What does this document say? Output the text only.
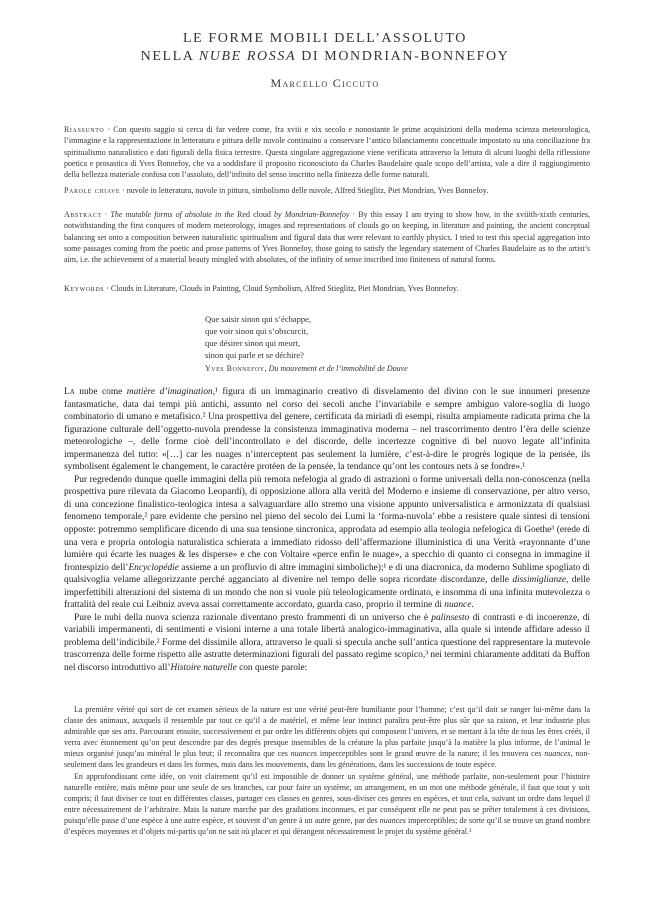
LE FORME MOBILI DELL’ASSOLUTO
NELLA NUBE ROSSA DI MONDRIAN-BONNEFOY
Marcello Ciccuto
Riassunto · Con questo saggio si cerca di far vedere come, fra xviii e xix secolo e nonostante le prime acquisizioni della moderna scienza meteorologica, l’immagine e la rappresentazione in letteratura e pittura delle nuvole continuino a conservare l’antico bilanciamento concettuale impostato su una conciliazione fra spiritualismo naturalistico e dati figurali della fisica terrestre. Questa singolare aggregazione viene verificata attraverso la lettura di alcuni luoghi della riflessione poetica e prosastica di Yves Bonnefoy, che va a soddisfare il proposito riconosciuto da Charles Baudelaire quale scopo dell’artista, vale a dire il raggiungimento della bellezza materiale confusa con l’assoluto, dell’infinito del senso inscritto nella finitezza delle forme naturali.
Parole chiave · nuvole in letteratura, nuvole in pittura, simbolismo delle nuvole, Alfred Stieglitz, Piet Mondrian, Yves Bonnefoy.
Abstract · The mutable forms of absolute in the Red cloud by Mondrian-Bonnefoy · By this essay I am trying to show how, in the xviiith-xixth centuries, notwithstanding the first conquers of modern meteorology, images and representations of clouds go on keeping, in literature and painting, the ancient conceptual balancing set onto a composition between naturalistic spiritualism and figural data that were relevant to earthly physics. I tried to test this special aggregation into some passages coming from the poetic and prose patterns of Yves Bonnefoy, those going to satisfy the legendary statement of Charles Baudelaire as to the artist’s aim, i.e. the achievement of a material beauty mingled with absolutes, of the infinity of sense inscribed into finiteness of natural forms.
Keywords · Clouds in Literature, Clouds in Painting, Cloud Symbolism, Alfred Stieglitz, Piet Mondrian, Yves Bonnefoy.
Que saisir sinon qui s’échappe,
que voir sinon qui s’obscurcit,
que désirer sinon qui meurt,
sinon qui parle et se déchire?
Yves Bonnefoy, Du mouvement et de l’immobilité de Douve

La nube come matière d’imagination,¹ figura di un immaginario creativo di disvelamento del divino con le sue innumeri presenze fantasmatiche, data dai tempi più antichi, assunto nel corso dei secoli anche l’invariabile e sempre ambiguo valore-soglia di luogo combinatorio di umano e metafisico.² Una prospettiva del genere, certificata da miriadi di esempi, risulta ampiamente radicata prima che la figurazione culturale dell’oggetto-nuvola prendesse la consistenza immaginativa moderna – nel trascorrimento dentro l’èra delle scienze meteorologiche –, delle forme cioè dell’incontrollato e del discorde, delle incertezze cognitive di bel nuovo legate all’infinita impermanenza del tutto: «[…] car les nuages n’interceptent pas seulement la lumière, c’est-à-dire le progrès logique de la pensée, ils symbolisent également le changement, le caractère protéen de la pensée, la tendance qu’ont les contours nets à se fondre».¹

Pur regredendo dunque quelle immagini della più remota nefelogia al grado di astrazioni o forme universali della non-conoscenza (nella prospettiva pure rilevata da Giacomo Leopardi), di opposizione allora alla verità del Moderno e insieme di conservazione, per altro verso, di una concezione finalistico-teologica intesa a salvaguardare allo stremo una visione appunto universalistica e armonizzata di qualsiasi fenomeno temporale,² pare evidente che persino nel pieno del secolo dei Lumi la ‘forma-nuvola’ ebbe a resistere quale sintesi di tensioni opposte: potremmo semplificare dicendo di una sua tensione sincronica, approdata ad esempio alla teologia nefelogica di Goethe³ (erede di una vera e propria ontologia naturalistica schierata a immediato ridosso dell’affermazione illuministica di una Verità «rayonnante d’une lumière qui écarte les nuages & les disperse» e che con Voltaire «perce enfin le nuage», a specchio di quanto ci consegna in immagine il frontespizio dell’Encyclopédie assieme a un profluvio di altre immagini simboliche);¹ e di una diacronica, da moderno Sublime spogliato di qualsivoglia velame allegorizzante perché agganciato al divenire nel tempo delle sopra ricordate discordanze, delle dissimiglianze, delle imperfettibili alterazioni del sistema di un mondo che non si vuole più teleologicamente ordinato, e insomma di una infinita mutevolezza o frattalità del reale cui Leibniz aveva assai correttamente accordato, guarda caso, proprio il termine di nuance.

Pure le nubi della nuova scienza razionale diventano presto frammenti di un universo che è palinsesto di contrasti e di incoerenze, di variabili impermanenti, di sentimenti e visioni interne a una totale libertà analogico-immaginativa, alla quale si intende affidare adesso il problema dell’indicibile.² Forme del dissimile allora, attraverso le quali si specula anche sull’antica questione del rappresentare la mutevole trascorrenza delle forme rispetto alle astratte determinazioni figurali del passato regime scopico,³ nei termini chiaramente additati da Buffon nel discorso introduttivo all’Histoire naturelle con queste parole:

La première vérité qui sort de cet examen sérieux de la nature est une vérité peut-être humiliante pour l’homme; c’est qu’il doit se ranger lui-même dans la classe des animaux, auxquels il ressemble par tout ce qu’il a de matériel, et même leur instinct paraîtra peut-être plus sûr que sa raison, et leur industrie plus admirable que ses arts. Parcourant ensuite, successivement et par ordre les différents objets qui composent l’univers, et se mettant à la tête de tous les êtres créés, il verra avec étonnement qu’on peut descendre par des degrés presque insensibles de la créature la plus parfaite jusqu’à la matière la plus informe, de l’animal le mieux organisé jusqu’au minéral le plus brut; il reconnaîtra que ces nuances imperceptibles sont le grand œuvre de la nature; il les trouvera ces nuances, non-seulement dans les grandeurs et dans les formes, mais dans les mouvements, dans les générations, dans les successions de toute espèce.

En approfondissant cette idée, on voit clairement qu’il est impossible de donner un système général, une méthode parfaite, non-seulement pour l’histoire naturelle entière, mais même pour une seule de ses branches, car pour faire un système, un arrangement, en un mot une méthode générale, il faut que tout y soit compris; il faut diviser ce tout en différentes classes, partager ces classes en genres, sous-diviser ces genres en espèces, et tout cela, suivant un ordre dans lequel il entre nécessairement de l’arbitraire. Mais la nature marche par des gradations inconnues, et par conséquent elle ne peut pas se prêter totalement à ces divisions, puisqu’elle passe d’une espèce à une autre espèce, et souvent d’un genre à un autre genre, par des nuances imperceptibles; de sorte qu’il se trouve un grand nombre d’espèces moyennes et d’objets mi-partis qu’on ne sait où placer et qui dérangent nécessairement le projet du système général.¹
